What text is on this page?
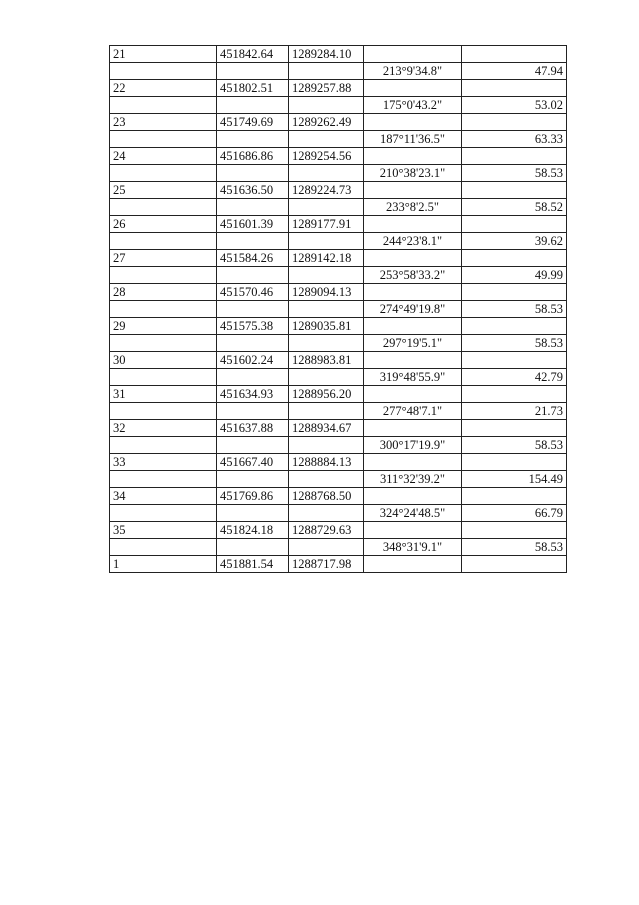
21	451842.64	1289284.10		
			213°9'34.8"	47.94
22	451802.51	1289257.88		
			175°0'43.2"	53.02
23	451749.69	1289262.49		
			187°11'36.5"	63.33
24	451686.86	1289254.56		
			210°38'23.1"	58.53
25	451636.50	1289224.73		
			233°8'2.5"	58.52
26	451601.39	1289177.91		
			244°23'8.1"	39.62
27	451584.26	1289142.18		
			253°58'33.2"	49.99
28	451570.46	1289094.13		
			274°49'19.8"	58.53
29	451575.38	1289035.81		
			297°19'5.1"	58.53
30	451602.24	1288983.81		
			319°48'55.9"	42.79
31	451634.93	1288956.20		
			277°48'7.1"	21.73
32	451637.88	1288934.67		
			300°17'19.9"	58.53
33	451667.40	1288884.13		
			311°32'39.2"	154.49
34	451769.86	1288768.50		
			324°24'48.5"	66.79
35	451824.18	1288729.63		
			348°31'9.1"	58.53
1	451881.54	1288717.98		
